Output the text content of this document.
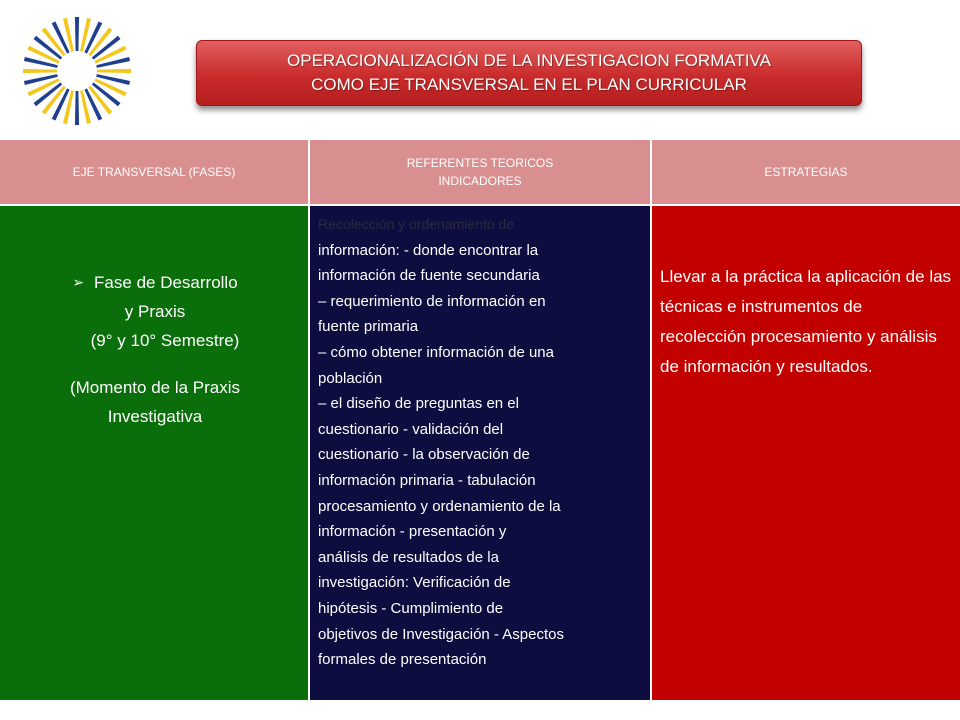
OPERACIONALIZACIÓN DE LA INVESTIGACION FORMATIVA
COMO EJE TRANSVERSAL EN EL PLAN CURRICULAR
EJE TRANSVERSAL (FASES)
REFERENTES TEORICOS
INDICADORES
ESTRATEGIAS
➢ Fase de Desarrollo
y Praxis
(9° y 10° Semestre)
(Momento de la Praxis
Investigativa
Recolección y ordenamiento de
información: - donde encontrar la
información de fuente secundaria
– requerimiento de información en
fuente primaria
– cómo obtener información de una
población
– el diseño de preguntas en el
cuestionario - validación del
cuestionario - la observación de
información primaria - tabulación
procesamiento y ordenamiento de la
información - presentación y
análisis de resultados de la
investigación: Verificación de
hipótesis - Cumplimiento de
objetivos de Investigación - Aspectos
formales de presentación
Llevar a la práctica la aplicación de las técnicas e instrumentos de recolección procesamiento y análisis de información y resultados.
